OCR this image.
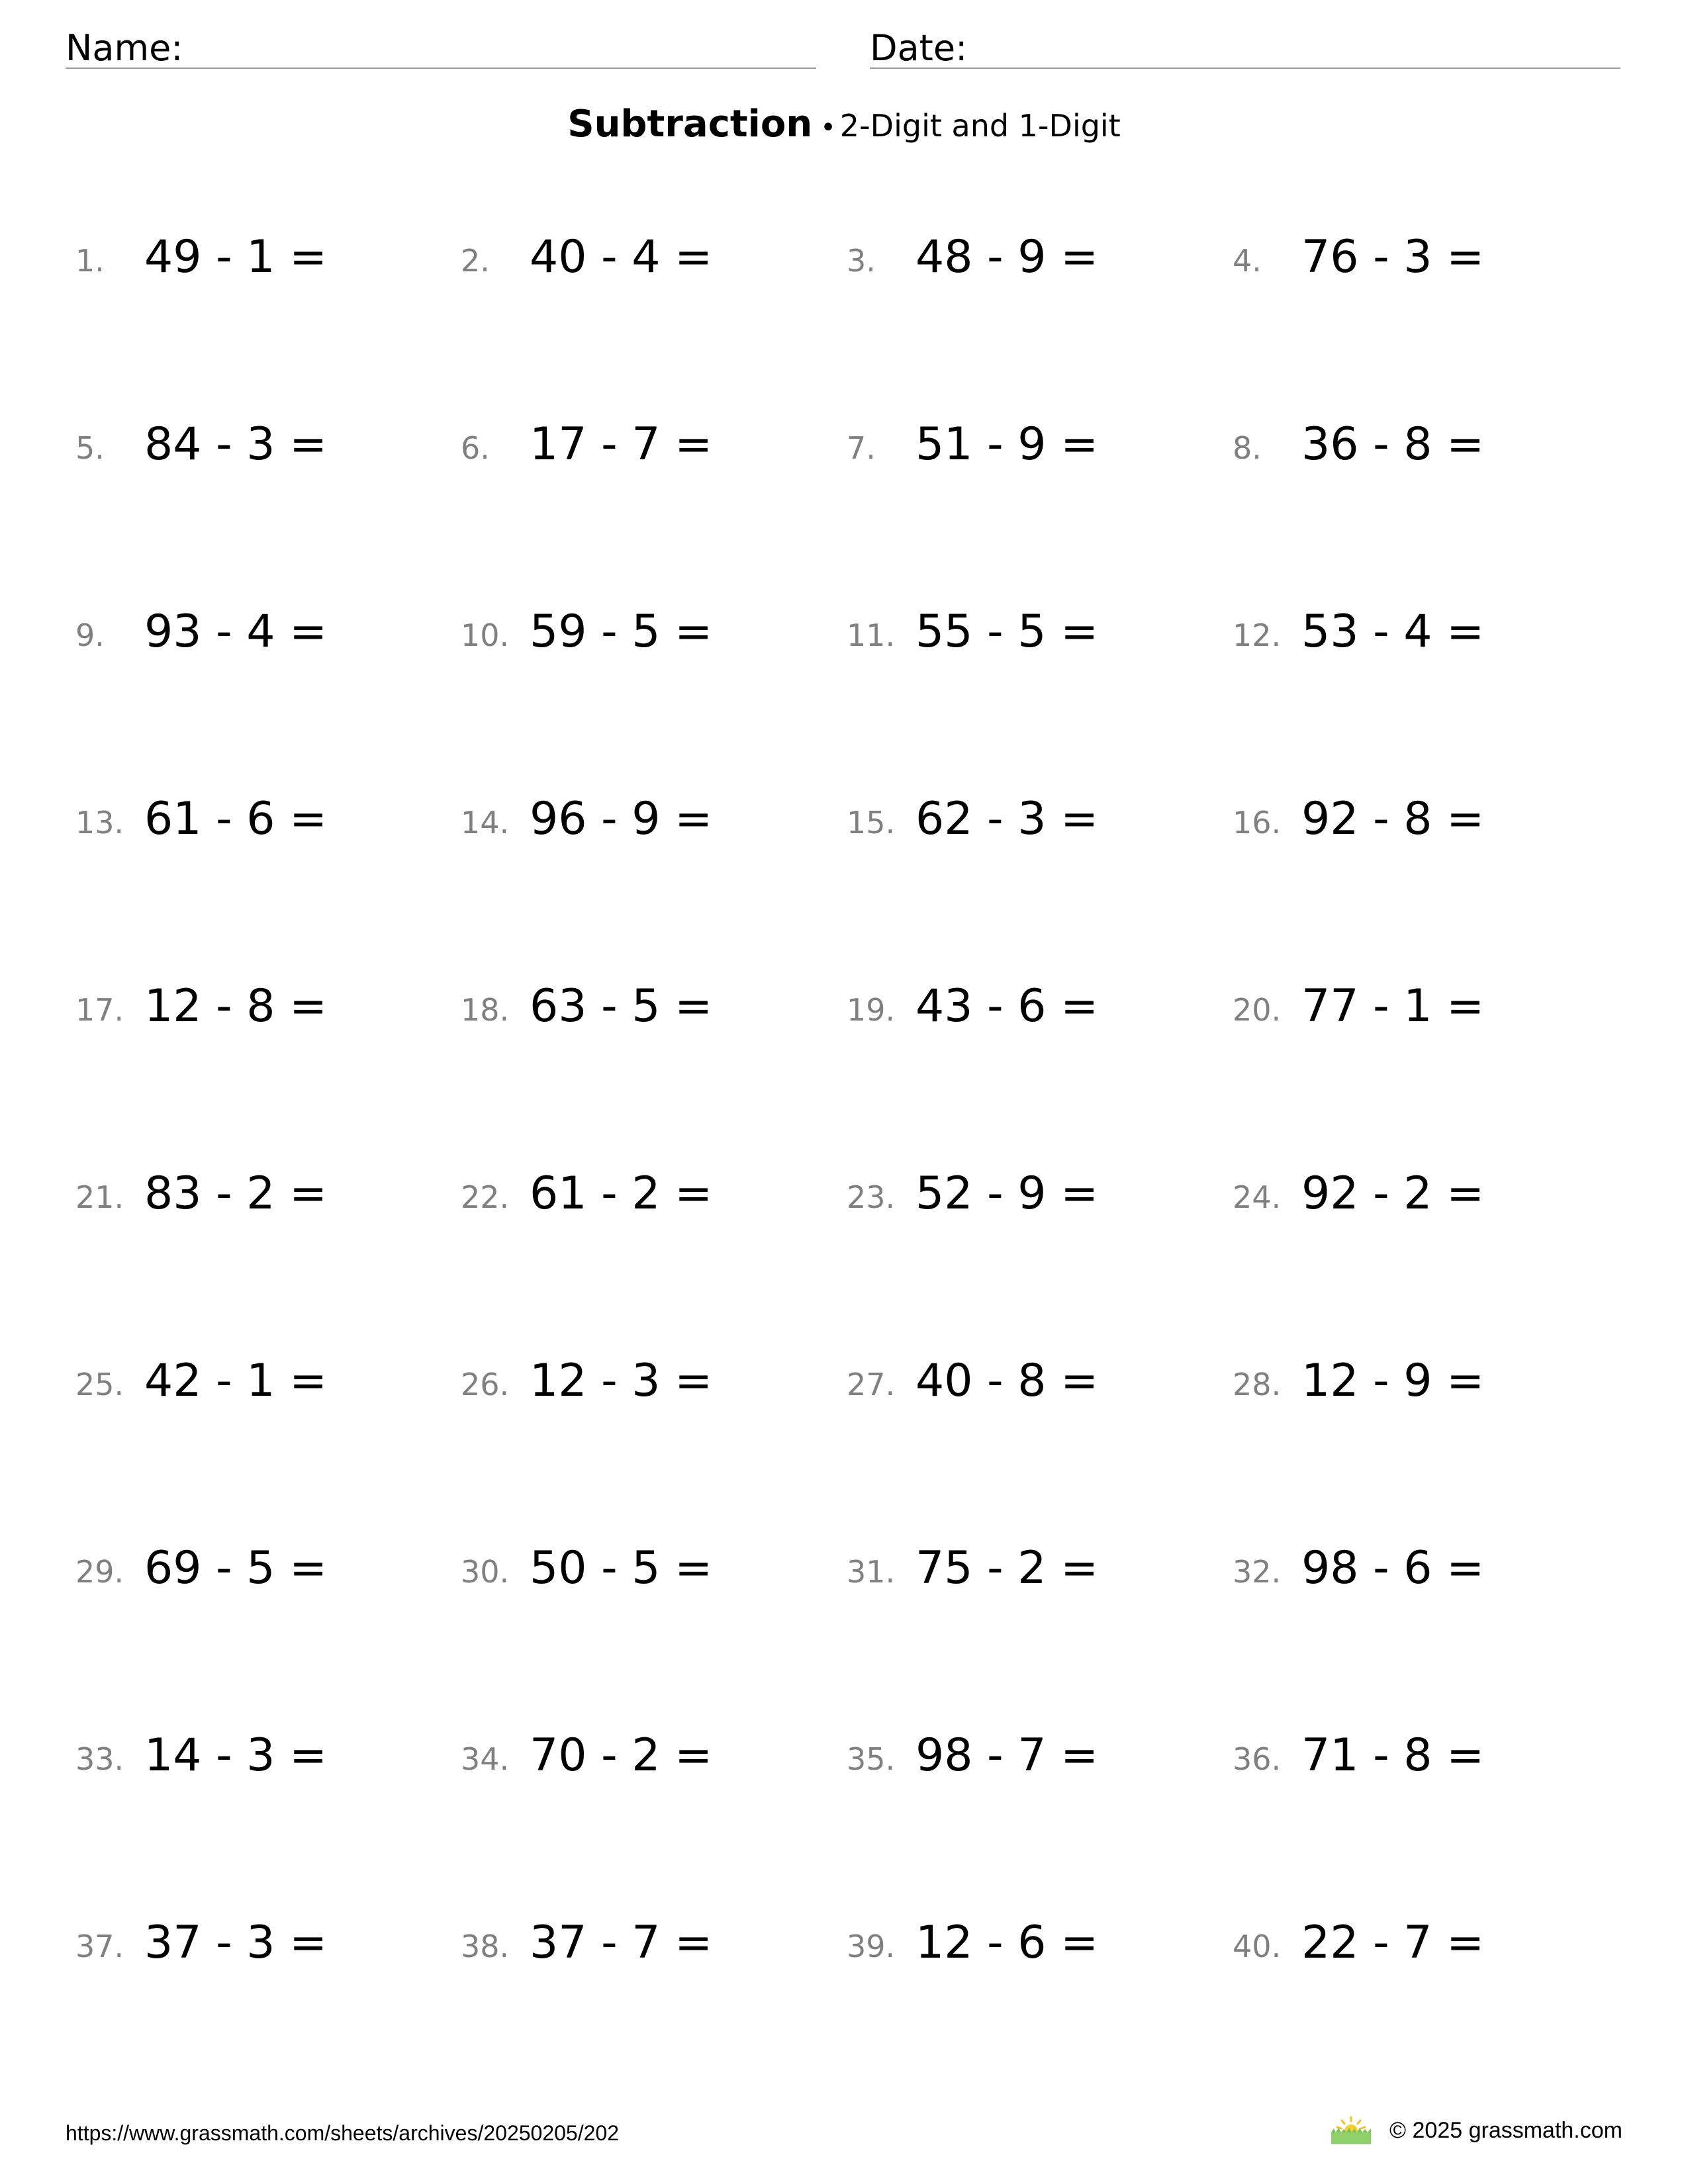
Name:	Date:
Subtraction • 2-Digit and 1-Digit
1. 49 - 1 =	2. 40 - 4 =	3. 48 - 9 =	4. 76 - 3 =
5. 84 - 3 =	6. 17 - 7 =	7. 51 - 9 =	8. 36 - 8 =
9. 93 - 4 =	10. 59 - 5 =	11. 55 - 5 =	12. 53 - 4 =
13. 61 - 6 =	14. 96 - 9 =	15. 62 - 3 =	16. 92 - 8 =
17. 12 - 8 =	18. 63 - 5 =	19. 43 - 6 =	20. 77 - 1 =
21. 83 - 2 =	22. 61 - 2 =	23. 52 - 9 =	24. 92 - 2 =
25. 42 - 1 =	26. 12 - 3 =	27. 40 - 8 =	28. 12 - 9 =
29. 69 - 5 =	30. 50 - 5 =	31. 75 - 2 =	32. 98 - 6 =
33. 14 - 3 =	34. 70 - 2 =	35. 98 - 7 =	36. 71 - 8 =
37. 37 - 3 =	38. 37 - 7 =	39. 12 - 6 =	40. 22 - 7 =
https://www.grassmath.com/sheets/archives/20250205/202	© 2025 grassmath.com
